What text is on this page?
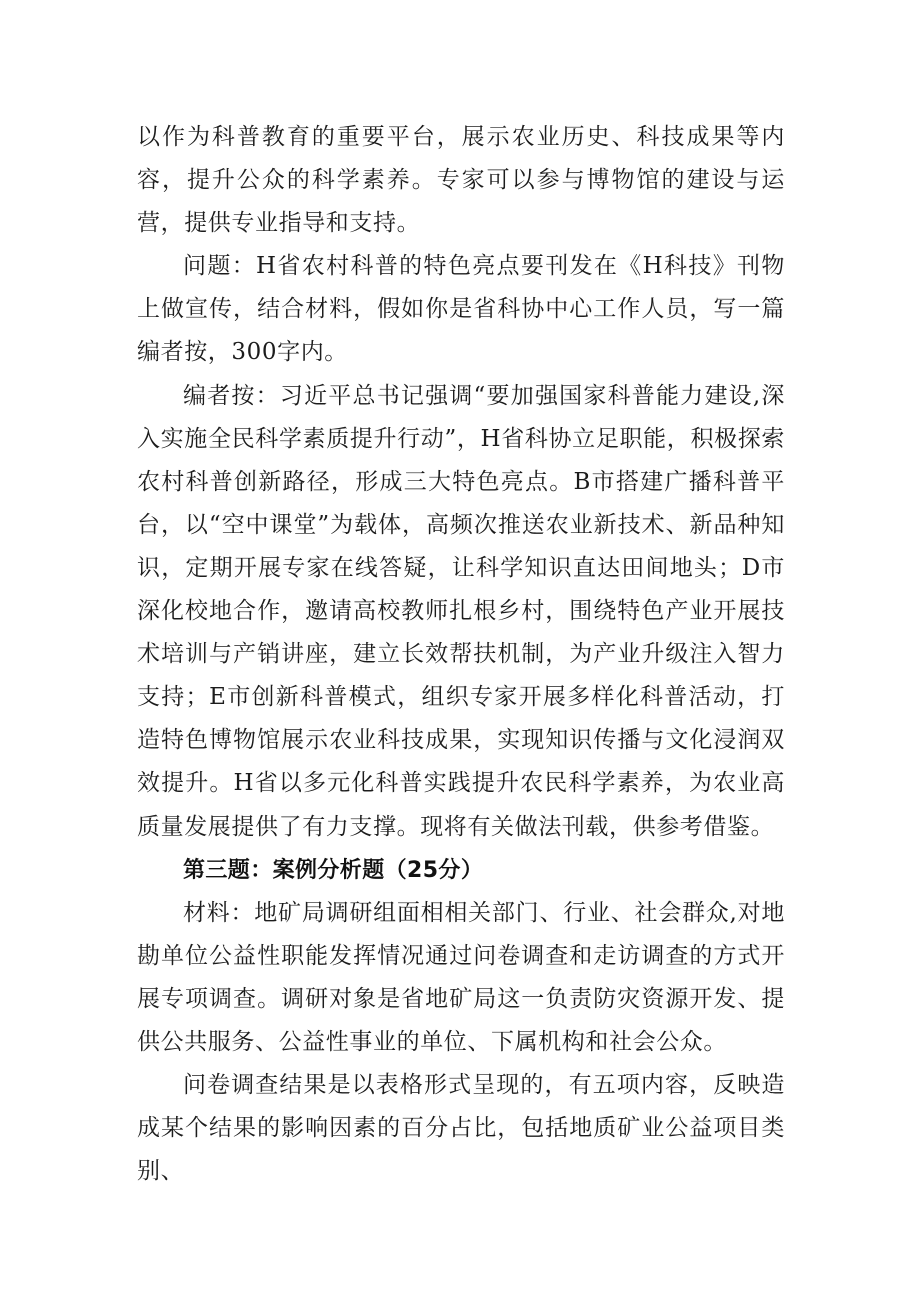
以作为科普教育的重要平台，展示农业历史、科技成果等内容，提升公众的科学素养。专家可以参与博物馆的建设与运营，提供专业指导和支持。

问题：H省农村科普的特色亮点要刊发在《H科技》刊物上做宣传，结合材料，假如你是省科协中心工作人员，写一篇编者按，300字内。

编者按：习近平总书记强调“要加强国家科普能力建设,深入实施全民科学素质提升行动”，H省科协立足职能，积极探索农村科普创新路径，形成三大特色亮点。B市搭建广播科普平台，以“空中课堂”为载体，高频次推送农业新技术、新品种知识，定期开展专家在线答疑，让科学知识直达田间地头；D市深化校地合作，邀请高校教师扎根乡村，围绕特色产业开展技术培训与产销讲座，建立长效帮扶机制，为产业升级注入智力支持；E市创新科普模式，组织专家开展多样化科普活动，打造特色博物馆展示农业科技成果，实现知识传播与文化浸润双效提升。H省以多元化科普实践提升农民科学素养，为农业高质量发展提供了有力支撑。现将有关做法刊载，供参考借鉴。

第三题：案例分析题（25分）

材料：地矿局调研组面相相关部门、行业、社会群众,对地勘单位公益性职能发挥情况通过问卷调查和走访调查的方式开展专项调查。调研对象是省地矿局这一负责防灾资源开发、提供公共服务、公益性事业的单位、下属机构和社会公众。

问卷调查结果是以表格形式呈现的，有五项内容，反映造成某个结果的影响因素的百分占比，包括地质矿业公益项目类别、
